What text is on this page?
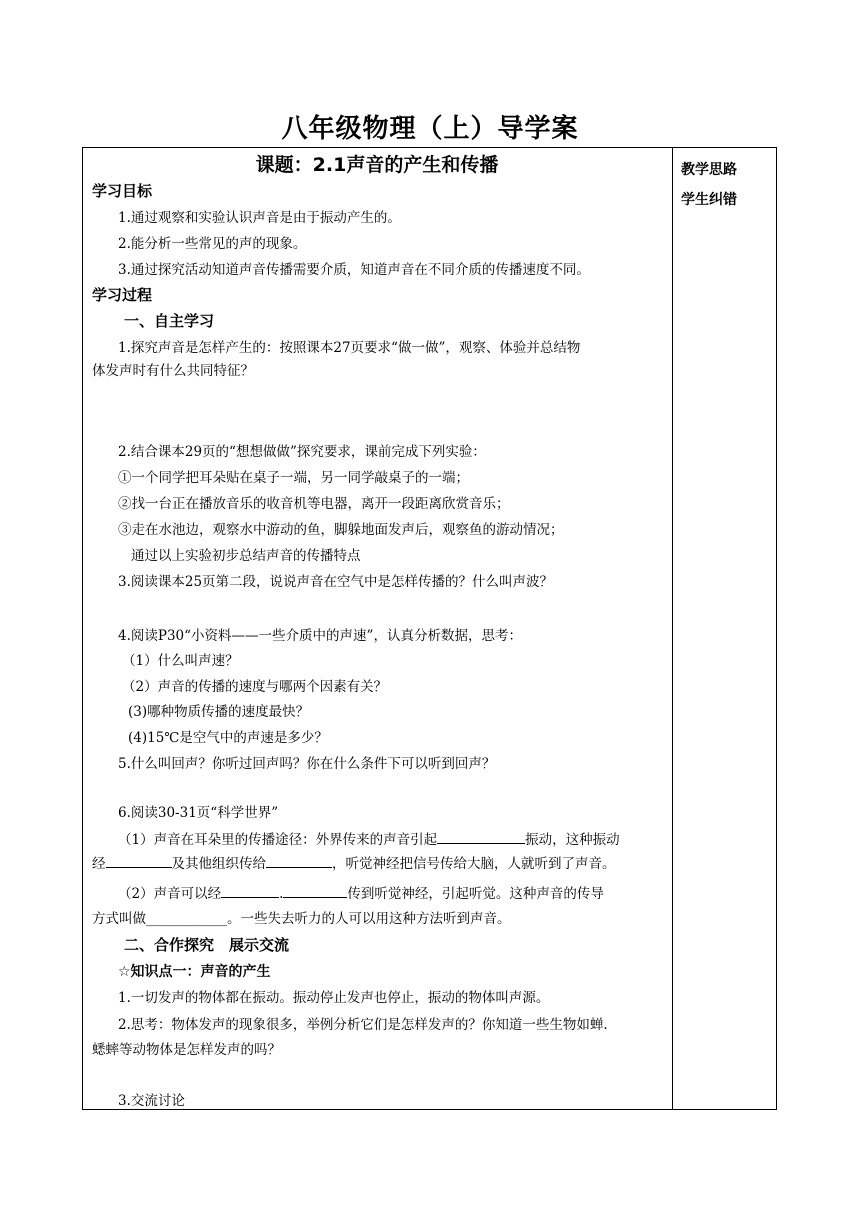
八年级物理（上）导学案
教学思路
学生纠错
课题：2.1声音的产生和传播
学习目标
1.通过观察和实验认识声音是由于振动产生的。
2.能分析一些常见的声的现象。
3.通过探究活动知道声音传播需要介质，知道声音在不同介质的传播速度不同。
学习过程
一、自主学习
1.探究声音是怎样产生的：按照课本27页要求“做一做”，观察、体验并总结物
体发声时有什么共同特征？
2.结合课本29页的“想想做做”探究要求，课前完成下列实验：
①一个同学把耳朵贴在桌子一端，另一同学敲桌子的一端；
②找一台正在播放音乐的收音机等电器，离开一段距离欣赏音乐；
③走在水池边，观察水中游动的鱼，脚躲地面发声后，观察鱼的游动情况；
通过以上实验初步总结声音的传播特点
3.阅读课本25页第二段，说说声音在空气中是怎样传播的？什么叫声波？
4.阅读P30“小资料——一些介质中的声速”，认真分析数据，思考：
（1）什么叫声速？
（2）声音的传播的速度与哪两个因素有关？
(3)哪种物质传播的速度最快？
(4)15℃是空气中的声速是多少？
5.什么叫回声？你听过回声吗？你在什么条件下可以听到回声？
6.阅读30-31页“科学世界”
（1）声音在耳朵里的传播途径：外界传来的声音引起	振动，这种振动
经	及其他组织传给	，听觉神经把信号传给大脑，人就听到了声音。
（2）声音可以经	.	传到听觉神经，引起听觉。这种声音的传导
方式叫做____________。一些失去听力的人可以用这种方法听到声音。
二、合作探究　展示交流
☆知识点一：声音的产生
1.一切发声的物体都在振动。振动停止发声也停止，振动的物体叫声源。
2.思考：物体发声的现象很多，举例分析它们是怎样发声的？你知道一些生物如蝉.
蟋蟀等动物体是怎样发声的吗？
3.交流讨论
